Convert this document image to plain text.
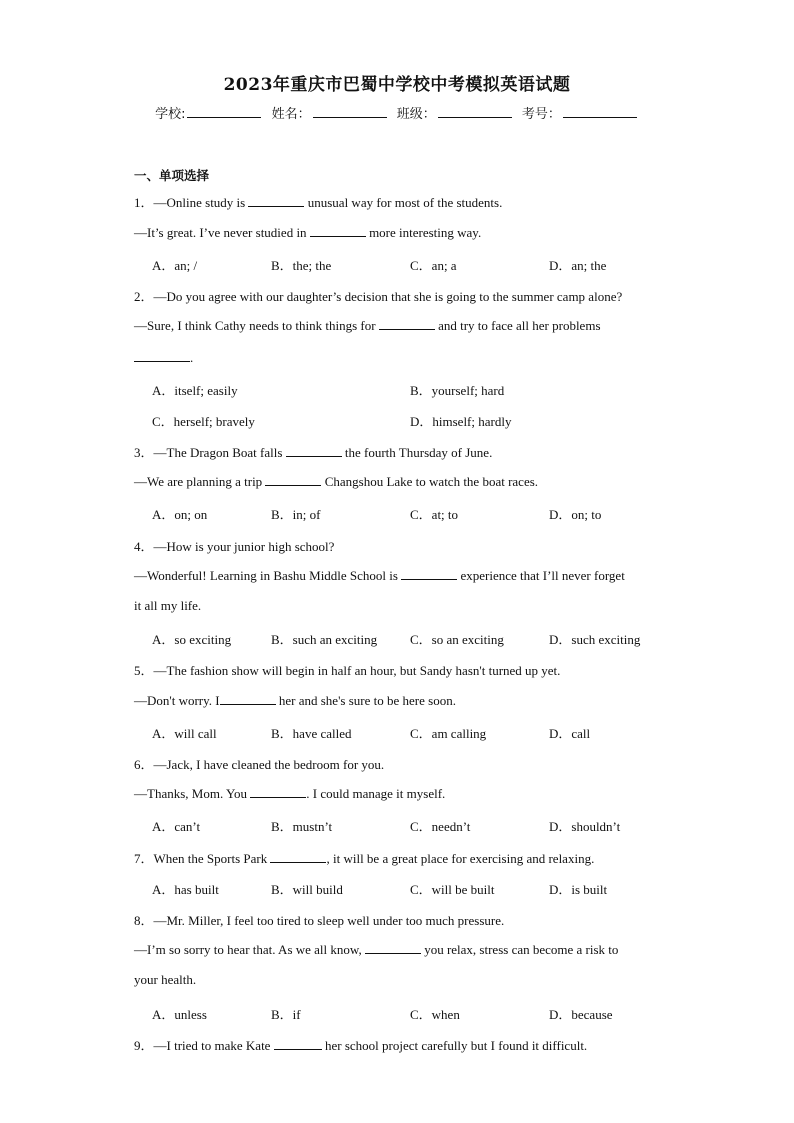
2023年重庆市巴蜀中学校中考模拟英语试题
学校:	姓名：	班级：	考号：
一、单项选择
1．—Online study is	unusual way for most of the students.
—It’s great. I’ve never studied in	more interesting way.
A．an; /	B．the; the	C．an; a	D．an; the
2．—Do you agree with our daughter’s decision that she is going to the summer camp alone?
—Sure, I think Cathy needs to think things for	and try to face all her problems
.
A．itself; easily	B．yourself; hard
C．herself; bravely	D．himself; hardly
3．—The Dragon Boat falls	the fourth Thursday of June.
—We are planning a trip	Changshou Lake to watch the boat races.
A．on; on	B．in; of	C．at; to	D．on; to
4．—How is your junior high school?
—Wonderful! Learning in Bashu Middle School is	experience that I’ll never forget
it all my life.
A．so exciting	B．such an exciting	C．so an exciting	D．such exciting
5．—The fashion show will begin in half an hour, but Sandy hasn't turned up yet.
—Don't worry. I	her and she's sure to be here soon.
A．will call	B．have called	C．am calling	D．call
6．—Jack, I have cleaned the bedroom for you.
—Thanks, Mom. You	. I could manage it myself.
A．can’t	B．mustn’t	C．needn’t	D．shouldn’t
7．When the Sports Park	, it will be a great place for exercising and relaxing.
A．has built	B．will build	C．will be built	D．is built
8．—Mr. Miller, I feel too tired to sleep well under too much pressure.
—I’m so sorry to hear that. As we all know,	you relax, stress can become a risk to
your health.
A．unless	B．if	C．when	D．because
9．—I tried to make Kate	her school project carefully but I found it difficult.
